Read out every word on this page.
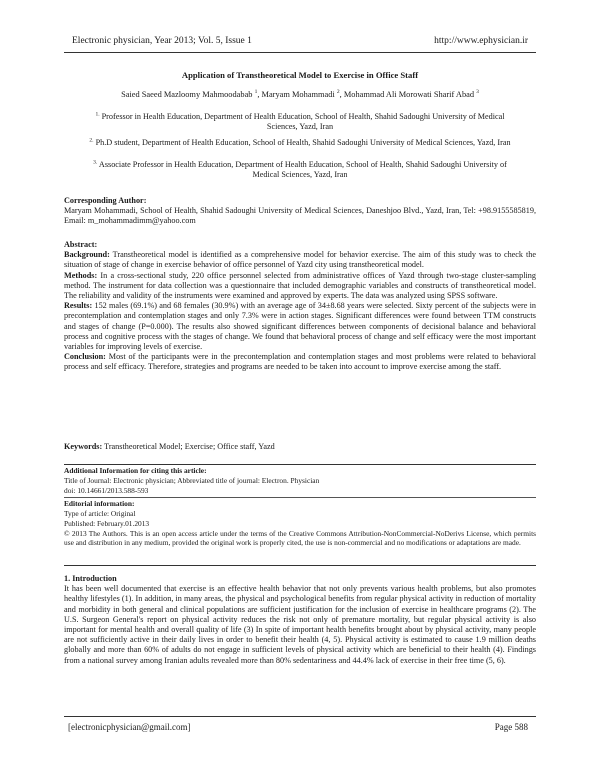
Electronic physician, Year 2013; Vol. 5, Issue 1	http://www.ephysician.ir
Application of Transtheoretical Model to Exercise in Office Staff
Saied Saeed Mazloomy Mahmoodabab $^1$, Maryam Mohammadi $^2$, Mohammad Ali Morowati Sharif Abad $^3$
$^{1.}$ Professor in Health Education, Department of Health Education, School of Health, Shahid Sadoughi University of Medical Sciences, Yazd, Iran
$^{2.}$ Ph.D student, Department of Health Education, School of Health, Shahid Sadoughi University of Medical Sciences, Yazd, Iran
$^{3.}$ Associate Professor in Health Education, Department of Health Education, School of Health, Shahid Sadoughi University of Medical Sciences, Yazd, Iran
Corresponding Author:
Maryam Mohammadi, School of Health, Shahid Sadoughi University of Medical Sciences, Daneshjoo Blvd., Yazd, Iran, Tel: +98.9155585819, Email: m_mohammadimm@yahoo.com
Abstract:
Background: Transtheoretical model is identified as a comprehensive model for behavior exercise. The aim of this study was to check the situation of stage of change in exercise behavior of office personnel of Yazd city using transtheoretical model.
Methods: In a cross-sectional study, 220 office personnel selected from administrative offices of Yazd through two-stage cluster-sampling method. The instrument for data collection was a questionnaire that included demographic variables and constructs of transtheoretical model. The reliability and validity of the instruments were examined and approved by experts. The data was analyzed using SPSS software.
Results: 152 males (69.1%) and 68 females (30.9%) with an average age of 34±8.68 years were selected. Sixty percent of the subjects were in precontemplation and contemplation stages and only 7.3% were in action stages. Significant differences were found between TTM constructs and stages of change (P=0.000). The results also showed significant differences between components of decisional balance and behavioral process and cognitive process with the stages of change. We found that behavioral process of change and self efficacy were the most important variables for improving levels of exercise.
Conclusion: Most of the participants were in the precontemplation and contemplation stages and most problems were related to behavioral process and self efficacy. Therefore, strategies and programs are needed to be taken into account to improve exercise among the staff.
Keywords: Transtheoretical Model; Exercise; Office staff, Yazd
Additional Information for citing this article:
Title of Journal: Electronic physician; Abbreviated title of journal: Electron. Physician
doi: 10.14661/2013.588-593
Editorial information:
Type of article: Original
Published: February.01.2013
© 2013 The Authors. This is an open access article under the terms of the Creative Commons Attribution-NonCommercial-NoDerivs License, which permits use and distribution in any medium, provided the original work is properly cited, the use is non-commercial and no modifications or adaptations are made.
1. Introduction
It has been well documented that exercise is an effective health behavior that not only prevents various health problems, but also promotes healthy lifestyles (1). In addition, in many areas, the physical and psychological benefits from regular physical activity in reduction of mortality and morbidity in both general and clinical populations are sufficient justification for the inclusion of exercise in healthcare programs (2). The U.S. Surgeon General's report on physical activity reduces the risk not only of premature mortality, but regular physical activity is also important for mental health and overall quality of life (3) In spite of important health benefits brought about by physical activity, many people are not sufficiently active in their daily lives in order to benefit their health (4, 5). Physical activity is estimated to cause 1.9 million deaths globally and more than 60% of adults do not engage in sufficient levels of physical activity which are beneficial to their health (4). Findings from a national survey among Iranian adults revealed more than 80% sedentariness and 44.4% lack of exercise in their free time (5, 6).
[electronicphysician@gmail.com]	Page 588
